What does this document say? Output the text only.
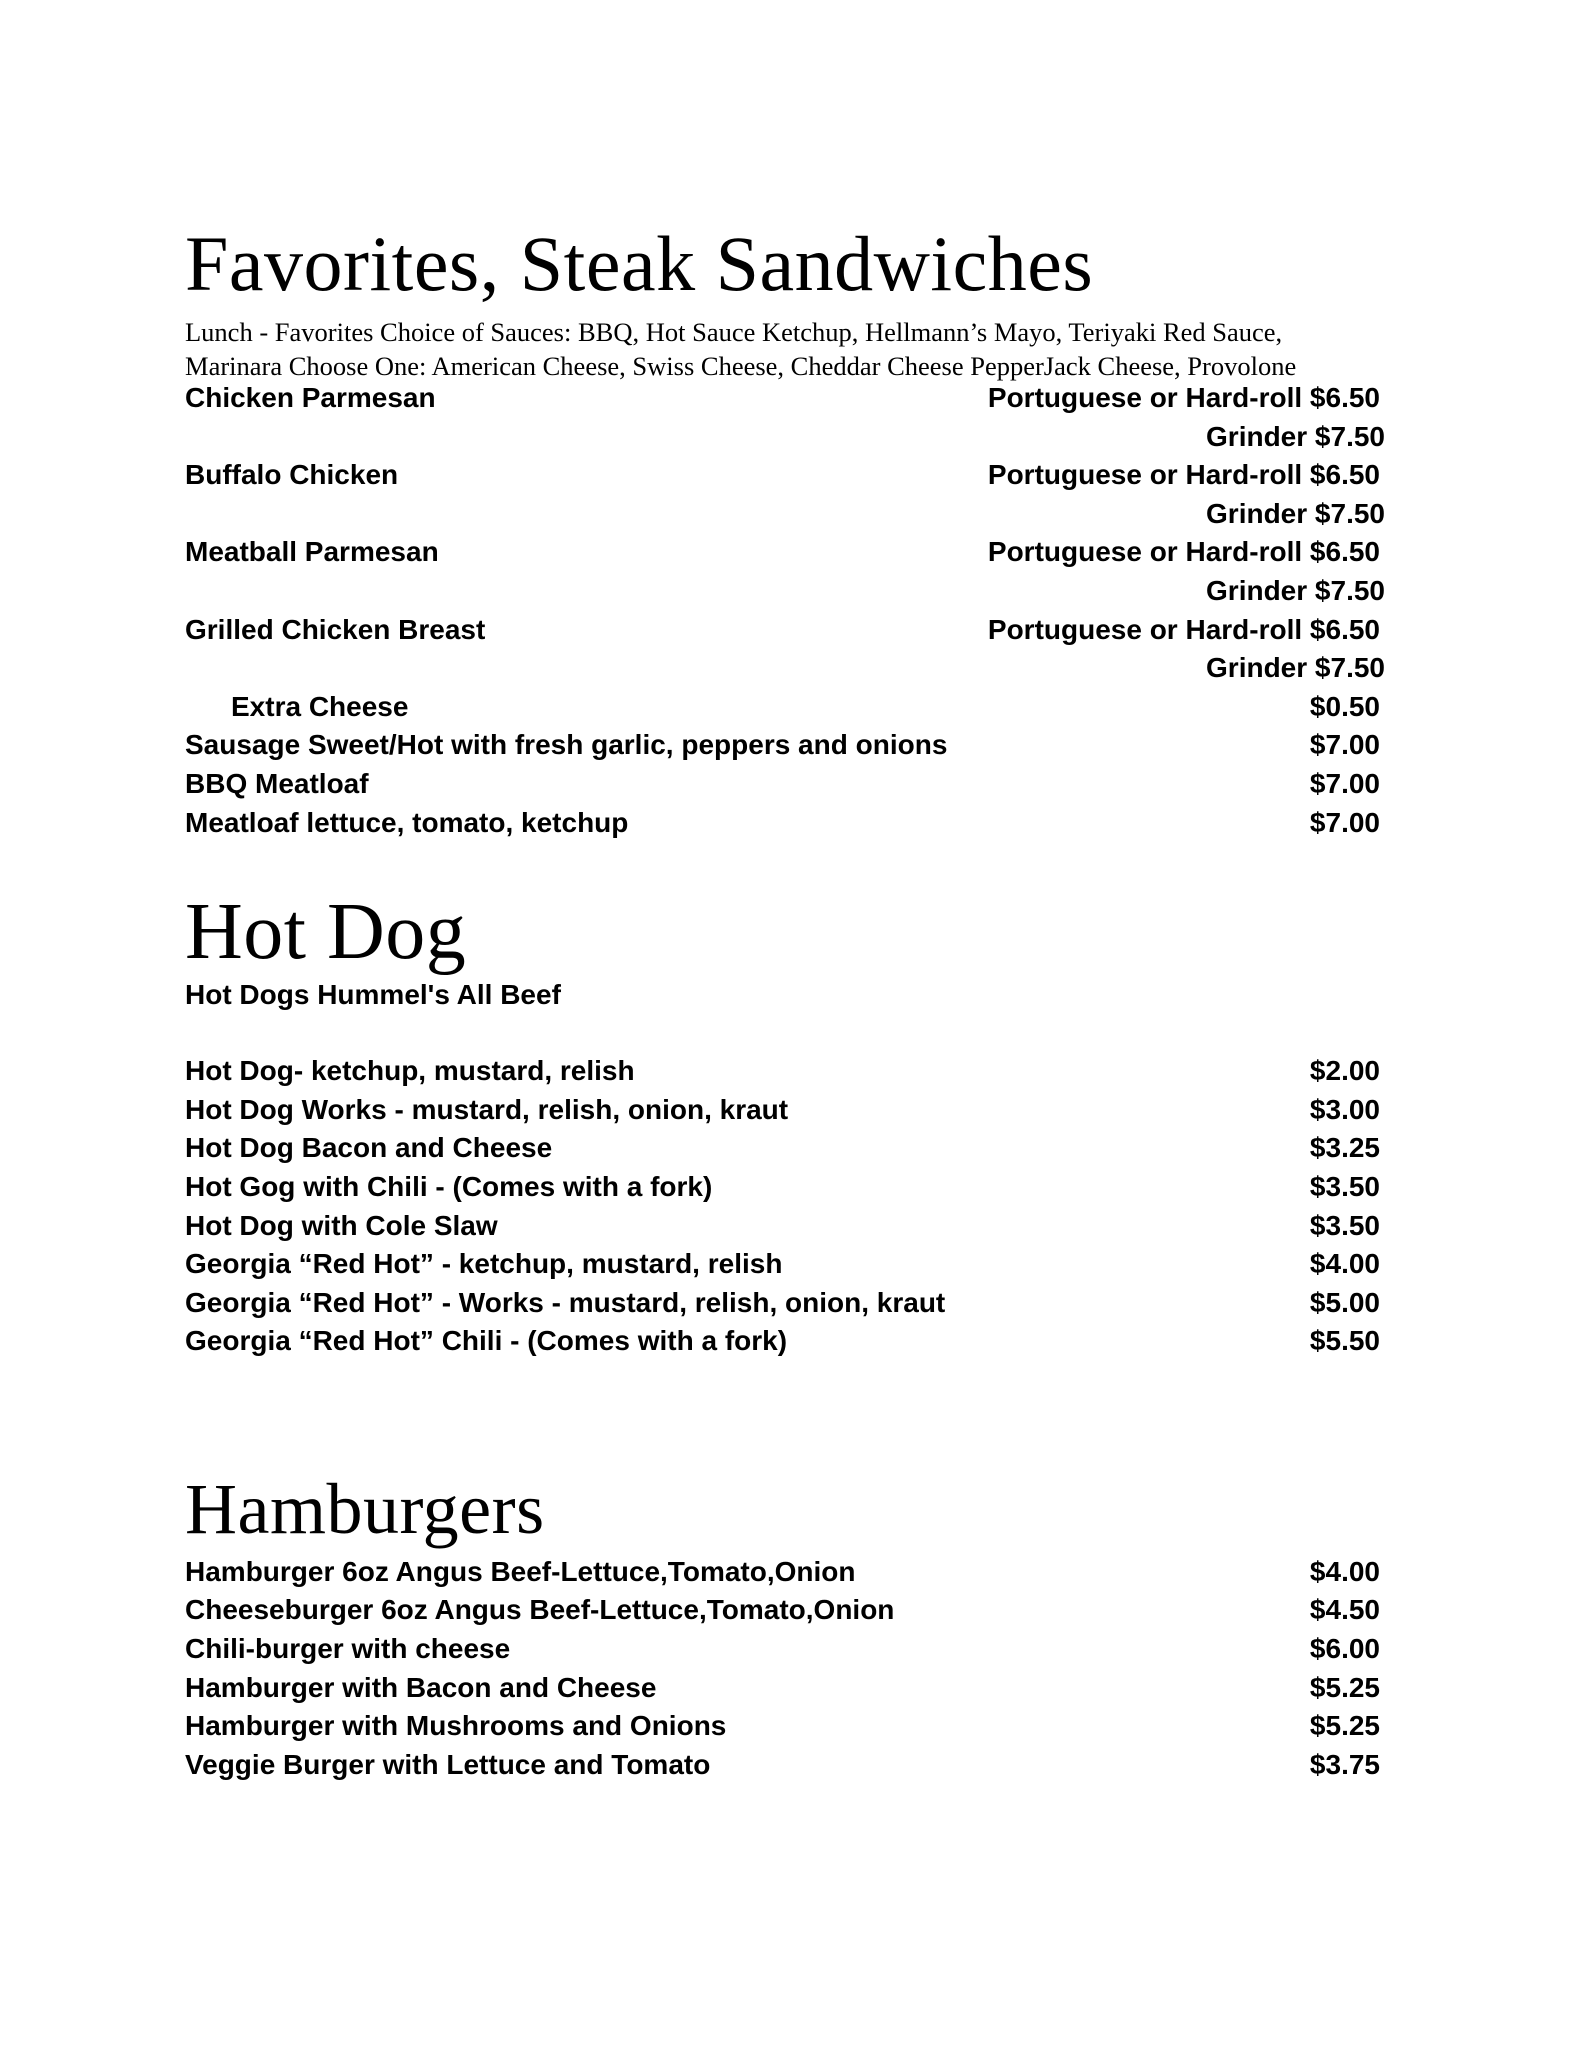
Favorites, Steak Sandwiches
Lunch - Favorites Choice of Sauces: BBQ, Hot Sauce Ketchup, Hellmann’s Mayo, Teriyaki Red Sauce,
Marinara Choose One: American Cheese, Swiss Cheese, Cheddar Cheese PepperJack Cheese, Provolone
Chicken Parmesan	Portuguese or Hard-roll $6.50
Grinder $7.50
Buffalo Chicken	Portuguese or Hard-roll $6.50
Grinder $7.50
Meatball Parmesan	Portuguese or Hard-roll $6.50
Grinder $7.50
Grilled Chicken Breast	Portuguese or Hard-roll $6.50
Grinder $7.50
Extra Cheese	$0.50
Sausage Sweet/Hot with fresh garlic, peppers and onions	$7.00
BBQ Meatloaf	$7.00
Meatloaf lettuce, tomato, ketchup	$7.00
Hot Dog
Hot Dogs Hummel's All Beef
Hot Dog- ketchup, mustard, relish	$2.00
Hot Dog Works - mustard, relish, onion, kraut	$3.00
Hot Dog Bacon and Cheese	$3.25
Hot Gog with Chili - (Comes with a fork)	$3.50
Hot Dog with Cole Slaw	$3.50
Georgia “Red Hot” - ketchup, mustard, relish	$4.00
Georgia “Red Hot” - Works - mustard, relish, onion, kraut	$5.00
Georgia “Red Hot” Chili - (Comes with a fork)	$5.50
Hamburgers
Hamburger 6oz Angus Beef-Lettuce,Tomato,Onion	$4.00
Cheeseburger 6oz Angus Beef-Lettuce,Tomato,Onion	$4.50
Chili-burger with cheese	$6.00
Hamburger with Bacon and Cheese	$5.25
Hamburger with Mushrooms and Onions	$5.25
Veggie Burger with Lettuce and Tomato	$3.75
